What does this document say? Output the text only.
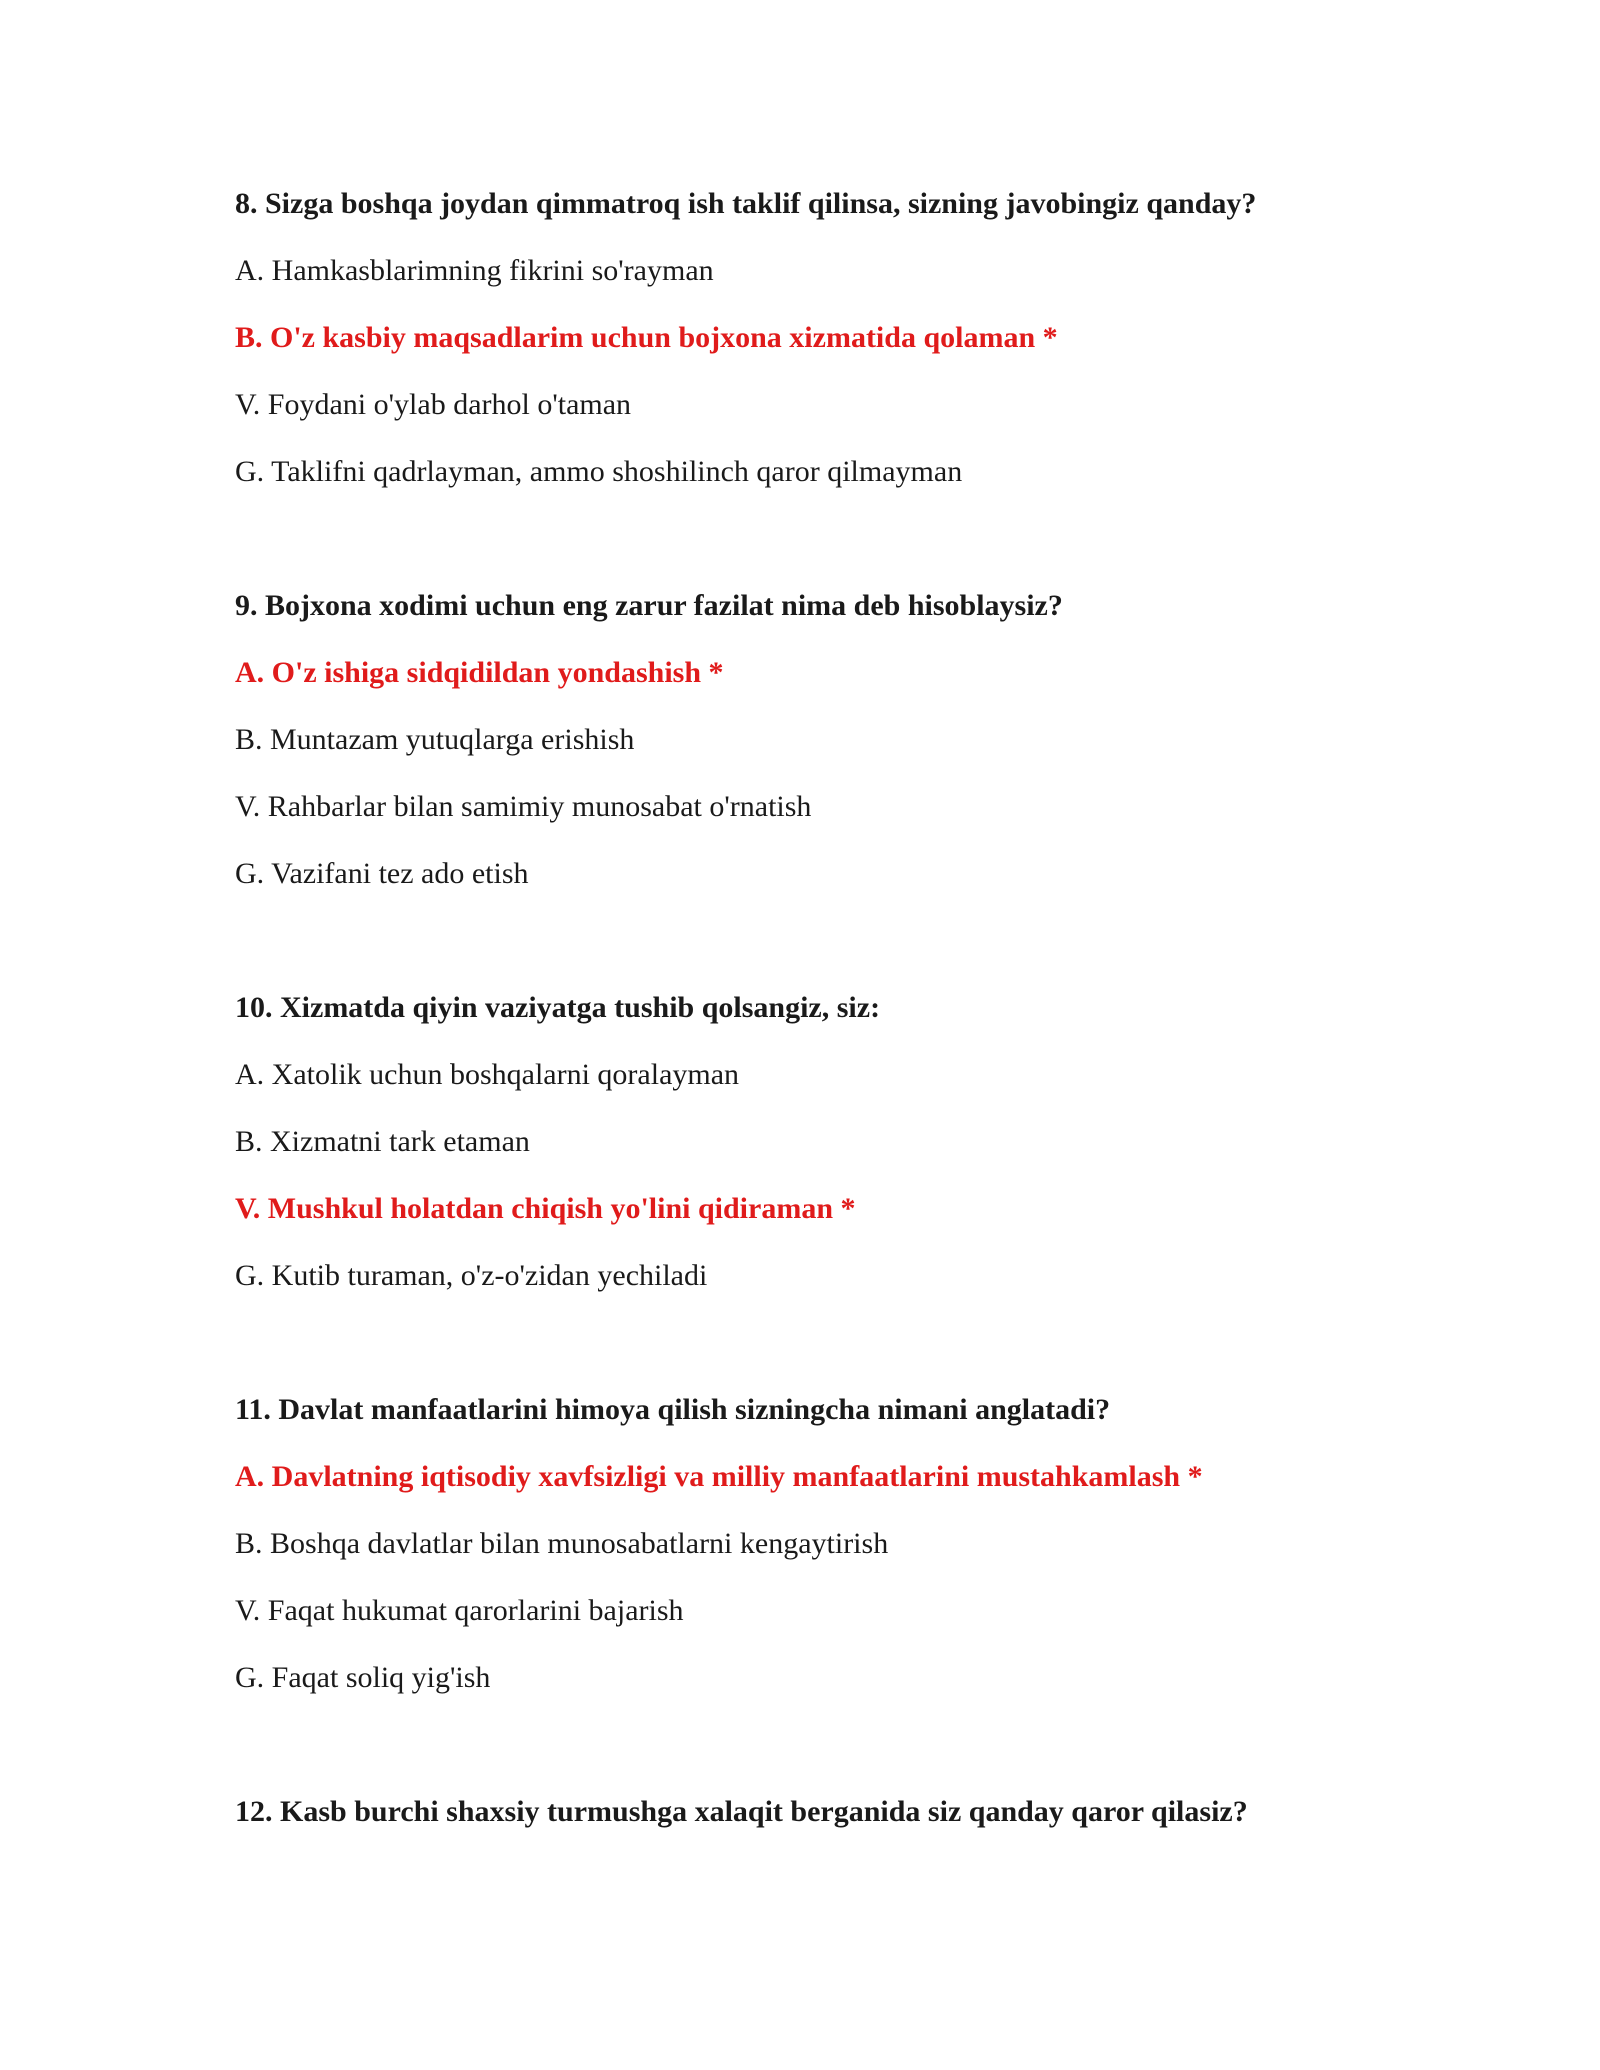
8. Sizga boshqa joydan qimmatroq ish taklif qilinsa, sizning javobingiz qanday?
A. Hamkasblarimning fikrini so'rayman
B. O'z kasbiy maqsadlarim uchun bojxona xizmatida qolaman *
V. Foydani o'ylab darhol o'taman
G. Taklifni qadrlayman, ammo shoshilinch qaror qilmayman
9. Bojxona xodimi uchun eng zarur fazilat nima deb hisoblaysiz?
A. O'z ishiga sidqidildan yondashish *
B. Muntazam yutuqlarga erishish
V. Rahbarlar bilan samimiy munosabat o'rnatish
G. Vazifani tez ado etish
10. Xizmatda qiyin vaziyatga tushib qolsangiz, siz:
A. Xatolik uchun boshqalarni qoralayman
B. Xizmatni tark etaman
V. Mushkul holatdan chiqish yo'lini qidiraman *
G. Kutib turaman, o'z-o'zidan yechiladi
11. Davlat manfaatlarini himoya qilish sizningcha nimani anglatadi?
A. Davlatning iqtisodiy xavfsizligi va milliy manfaatlarini mustahkamlash *
B. Boshqa davlatlar bilan munosabatlarni kengaytirish
V. Faqat hukumat qarorlarini bajarish
G. Faqat soliq yig'ish
12. Kasb burchi shaxsiy turmushga xalaqit berganida siz qanday qaror qilasiz?
